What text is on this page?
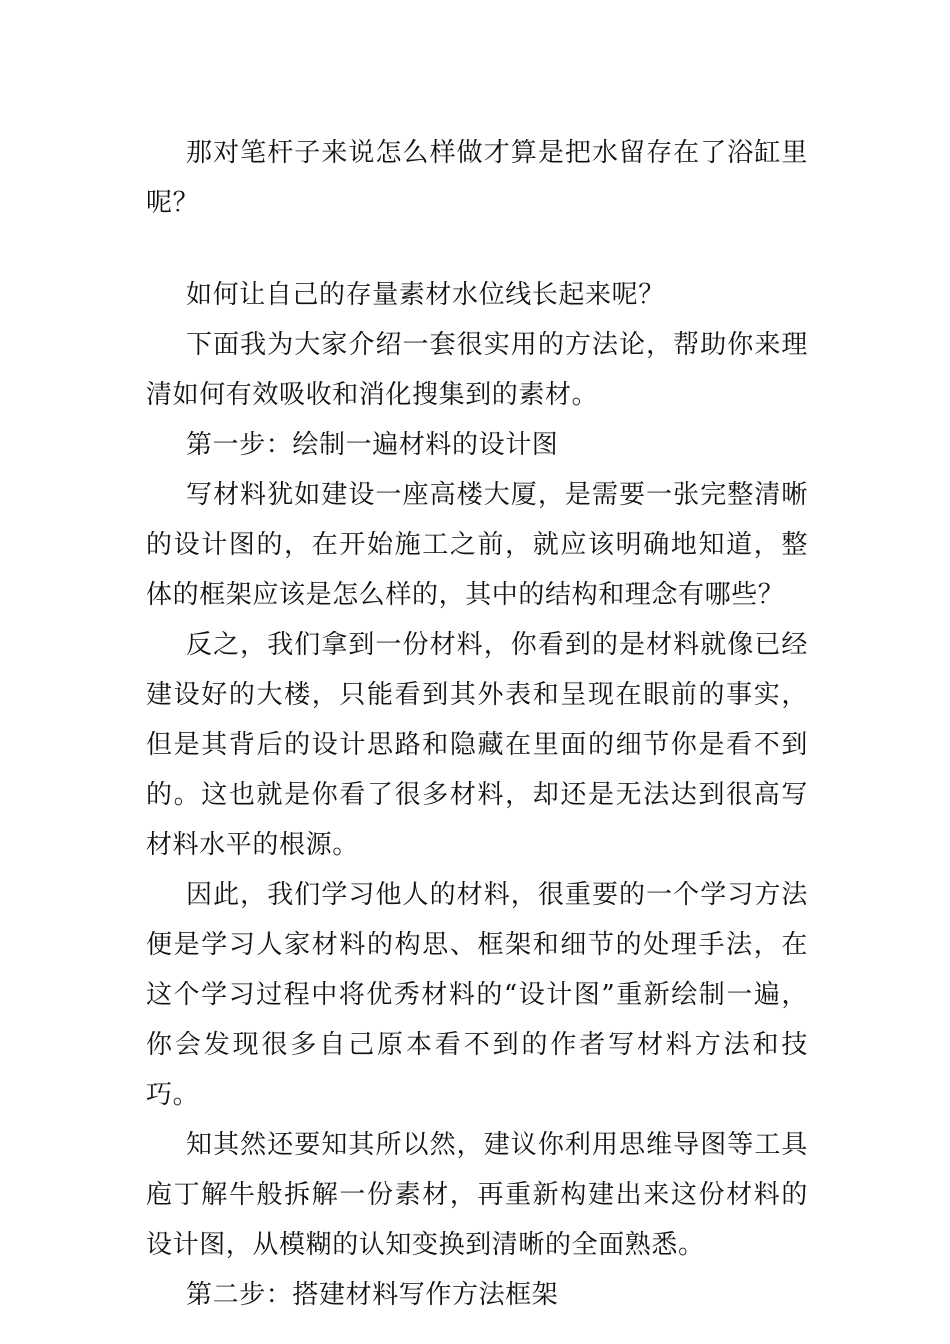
那对笔杆子来说怎么样做才算是把水留存在了浴缸里呢？

如何让自己的存量素材水位线长起来呢？

下面我为大家介绍一套很实用的方法论，帮助你来理清如何有效吸收和消化搜集到的素材。

第一步：绘制一遍材料的设计图

写材料犹如建设一座高楼大厦，是需要一张完整清晰的设计图的，在开始施工之前，就应该明确地知道，整体的框架应该是怎么样的，其中的结构和理念有哪些？

反之，我们拿到一份材料，你看到的是材料就像已经建设好的大楼，只能看到其外表和呈现在眼前的事实，但是其背后的设计思路和隐藏在里面的细节你是看不到的。这也就是你看了很多材料，却还是无法达到很高写材料水平的根源。

因此，我们学习他人的材料，很重要的一个学习方法便是学习人家材料的构思、框架和细节的处理手法，在这个学习过程中将优秀材料的“设计图”重新绘制一遍，你会发现很多自己原本看不到的作者写材料方法和技巧。

知其然还要知其所以然，建议你利用思维导图等工具庖丁解牛般拆解一份素材，再重新构建出来这份材料的设计图，从模糊的认知变换到清晰的全面熟悉。

第二步：搭建材料写作方法框架
